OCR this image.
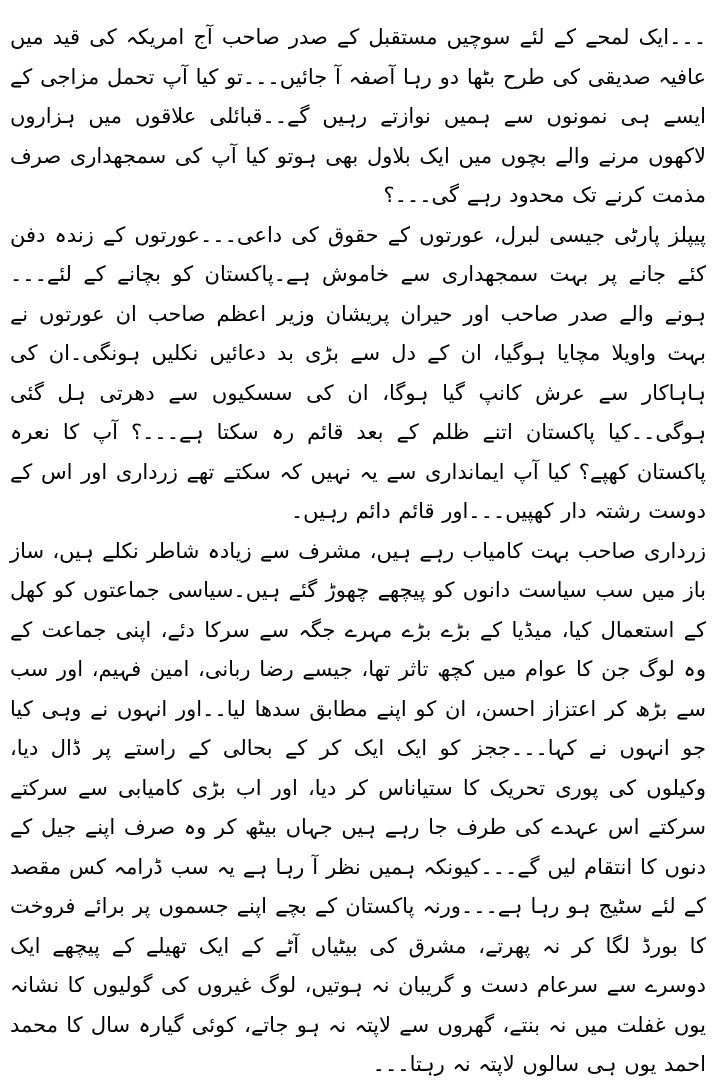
۔۔۔ایک لمحے کے لئے سوچیں مستقبل کے صدر صاحب آج امریکہ کی قید میں عافیہ صدیقی کی طرح بٹھا دو رہا آصفہ آ جائیں۔۔۔تو کیا آپ تحمل مزاجی کے ایسے ہی نمونوں سے ہمیں نوازتے رہیں گے۔۔قبائلی علاقوں میں ہزاروں لاکھوں مرنے والے بچوں میں ایک بلاول بھی ہوتو کیا آپ کی سمجھداری صرف مذمت کرنے تک محدود رہے گی۔۔۔؟

پیپلز پارٹی جیسی لبرل، عورتوں کے حقوق کی داعی۔۔۔عورتوں کے زندہ دفن کئے جانے پر بہت سمجھداری سے خاموش ہے۔پاکستان کو بچانے کے لئے۔۔۔ہونے والے صدر صاحب اور حیران پریشان وزیر اعظم صاحب ان عورتوں نے بہت واویلا مچایا ہوگیا، ان کے دل سے بڑی بد دعائیں نکلیں ہونگی۔ان کی ہاہاکار سے عرش کانپ گیا ہوگا، ان کی سسکیوں سے دھرتی ہل گئی ہوگی۔۔کیا پاکستان اتنے ظلم کے بعد قائم رہ سکتا ہے۔۔۔؟ آپ کا نعرہ پاکستان کھپے؟ کیا آپ ایمانداری سے یہ نہیں کہ سکتے تھے زرداری اور اس کے دوست رشتہ دار کھپیں۔۔۔اور قائم دائم رہیں۔

زرداری صاحب بہت کامیاب رہے ہیں، مشرف سے زیادہ شاطر نکلے ہیں، ساز باز میں سب سیاست دانوں کو پیچھے چھوڑ گئے ہیں۔سیاسی جماعتوں کو کھل کے استعمال کیا، میڈیا کے بڑے بڑے مہرے جگہ سے سرکا دئے، اپنی جماعت کے وہ لوگ جن کا عوام میں کچھ تاثر تھا، جیسے رضا ربانی، امین فہیم، اور سب سے بڑھ کر اعتزاز احسن، ان کو اپنے مطابق سدھا لیا۔۔اور انہوں نے وہی کیا جو انہوں نے کہا۔۔۔ججز کو ایک ایک کر کے بحالی کے راستے پر ڈال دیا، وکیلوں کی پوری تحریک کا ستیاناس کر دیا، اور اب بڑی کامیابی سے سرکتے سرکتے اس عہدے کی طرف جا رہے ہیں جہاں بیٹھ کر وہ صرف اپنے جیل کے دنوں کا انتقام لیں گے۔۔۔کیونکہ ہمیں نظر آ رہا ہے یہ سب ڈرامہ کس مقصد کے لئے سٹیج ہو رہا ہے۔۔۔ورنہ پاکستان کے بچے اپنے جسموں پر برائے فروخت کا بورڈ لگا کر نہ پھرتے، مشرق کی بیٹیاں آٹے کے ایک تھیلے کے پیچھے ایک دوسرے سے سرعام دست و گریبان نہ ہوتیں، لوگ غیروں کی گولیوں کا نشانہ یوں غفلت میں نہ بنتے، گھروں سے لاپتہ نہ ہو جاتے، کوئی گیارہ سال کا محمد احمد یوں ہی سالوں لاپتہ نہ رہتا۔۔۔
